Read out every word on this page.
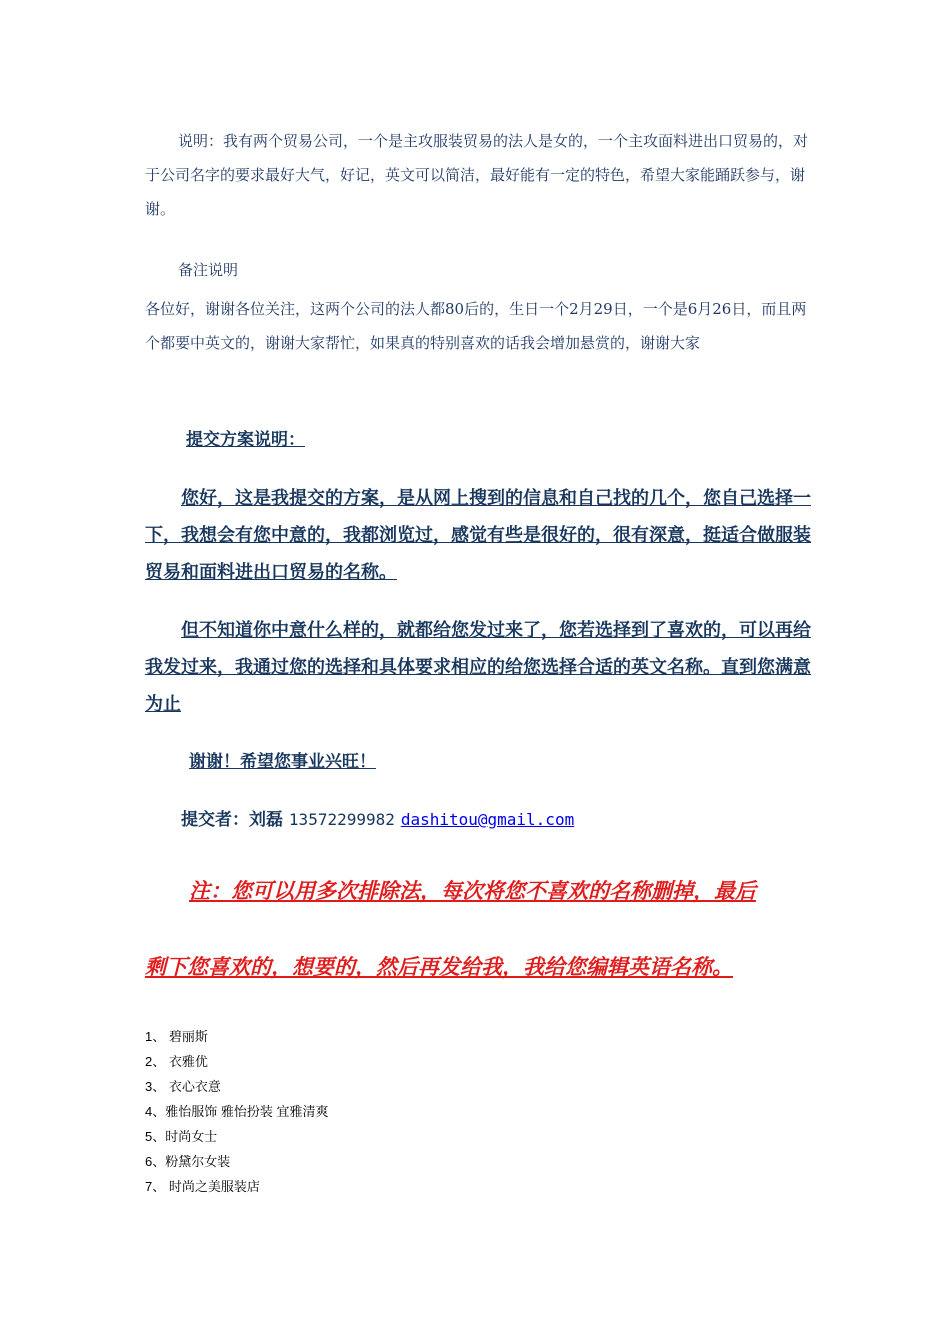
说明：我有两个贸易公司，一个是主攻服装贸易的法人是女的，一个主攻面料进出口贸易的，对于公司名字的要求最好大气，好记，英文可以简洁，最好能有一定的特色，希望大家能踊跃参与，谢谢。

备注说明

各位好，谢谢各位关注，这两个公司的法人都80后的，生日一个2月29日，一个是6月26日，而且两个都要中英文的，谢谢大家帮忙，如果真的特别喜欢的话我会增加悬赏的，谢谢大家

提交方案说明：

您好，这是我提交的方案，是从网上搜到的信息和自己找的几个，您自己选择一下，我想会有您中意的，我都浏览过，感觉有些是很好的，很有深意，挺适合做服装贸易和面料进出口贸易的名称。

但不知道你中意什么样的，就都给您发过来了，您若选择到了喜欢的，可以再给我发过来，我通过您的选择和具体要求相应的给您选择合适的英文名称。直到您满意为止

谢谢！希望您事业兴旺！
提交者：刘磊 13572299982 dashitou@gmail.com
注：您可以用多次排除法，每次将您不喜欢的名称删掉，最后
剩下您喜欢的，想要的，然后再发给我，我给您编辑英语名称。
1、 碧丽斯
2、 衣雅优
3、 衣心衣意
4、雅怡服饰 雅怡扮装 宜雅清爽
5、时尚女士
6、粉黛尔女装
7、 时尚之美服装店
